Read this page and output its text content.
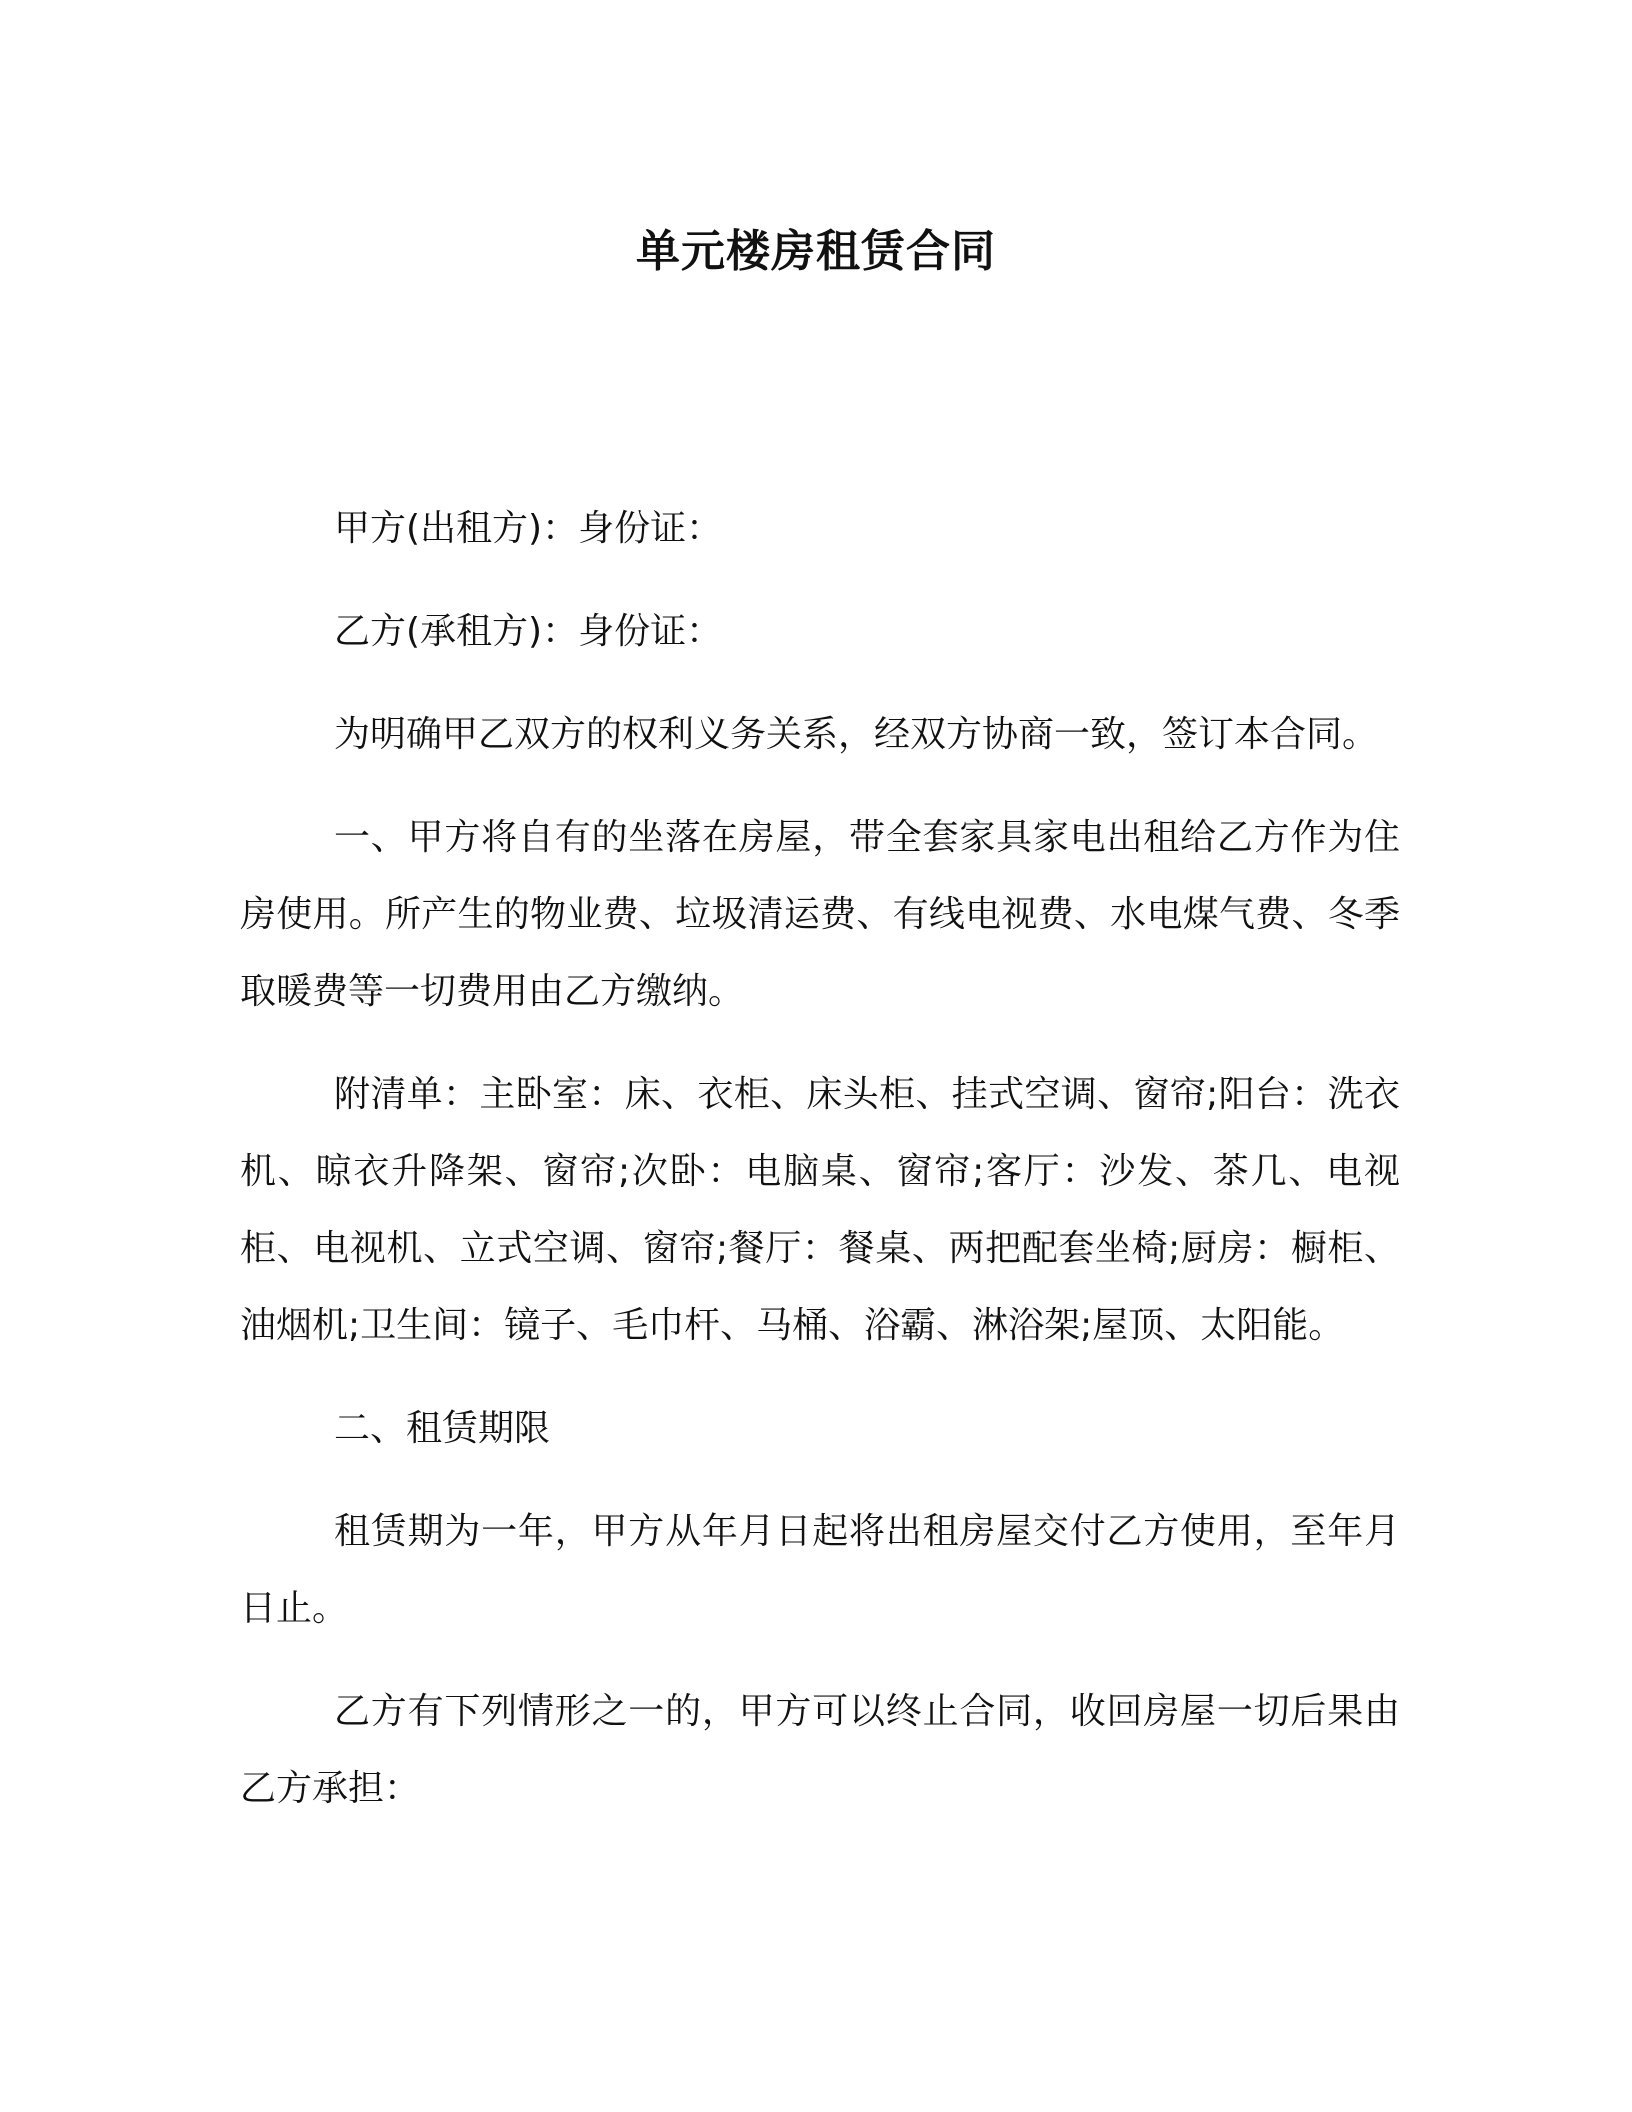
单元楼房租赁合同

甲方(出租方)：身份证：

乙方(承租方)：身份证：

为明确甲乙双方的权利义务关系，经双方协商一致，签订本合同。

一、甲方将自有的坐落在房屋，带全套家具家电出租给乙方作为住房使用。所产生的物业费、垃圾清运费、有线电视费、水电煤气费、冬季取暖费等一切费用由乙方缴纳。

附清单：主卧室：床、衣柜、床头柜、挂式空调、窗帘;阳台：洗衣机、晾衣升降架、窗帘;次卧：电脑桌、窗帘;客厅：沙发、茶几、电视柜、电视机、立式空调、窗帘;餐厅：餐桌、两把配套坐椅;厨房：橱柜、油烟机;卫生间：镜子、毛巾杆、马桶、浴霸、淋浴架;屋顶、太阳能。

二、租赁期限

租赁期为一年，甲方从年月日起将出租房屋交付乙方使用，至年月日止。

乙方有下列情形之一的，甲方可以终止合同，收回房屋一切后果由乙方承担：
